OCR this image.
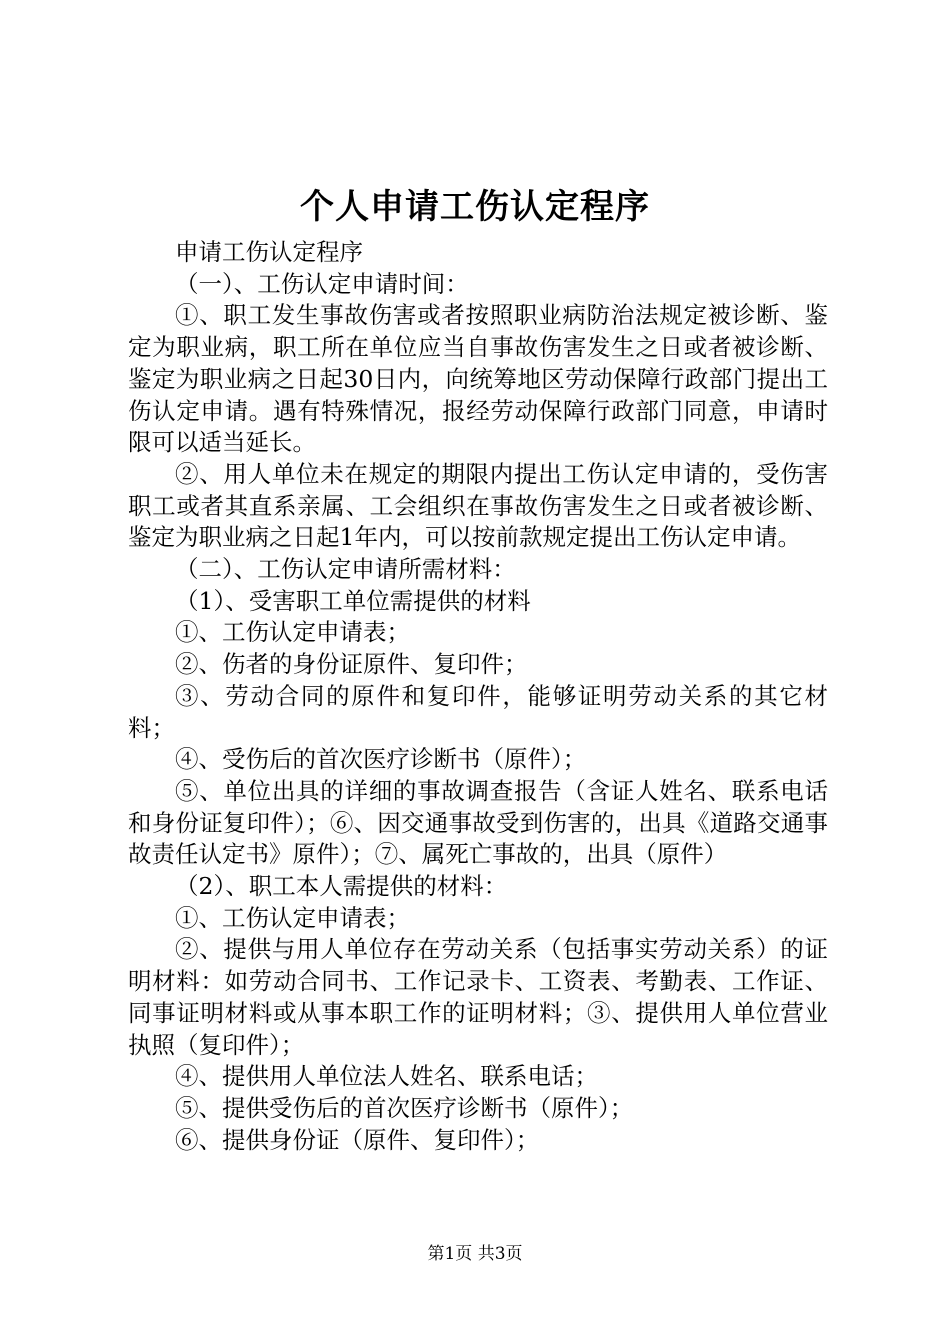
个人申请工伤认定程序

申请工伤认定程序

（一）、工伤认定申请时间：

①、职工发生事故伤害或者按照职业病防治法规定被诊断、鉴定为职业病，职工所在单位应当自事故伤害发生之日或者被诊断、鉴定为职业病之日起30日内，向统筹地区劳动保障行政部门提出工伤认定申请。遇有特殊情况，报经劳动保障行政部门同意，申请时限可以适当延长。

②、用人单位未在规定的期限内提出工伤认定申请的，受伤害职工或者其直系亲属、工会组织在事故伤害发生之日或者被诊断、鉴定为职业病之日起1年内，可以按前款规定提出工伤认定申请。

（二）、工伤认定申请所需材料：

（1）、受害职工单位需提供的材料

①、工伤认定申请表；

②、伤者的身份证原件、复印件；

③、劳动合同的原件和复印件，能够证明劳动关系的其它材料；

④、受伤后的首次医疗诊断书（原件）；

⑤、单位出具的详细的事故调查报告（含证人姓名、联系电话和身份证复印件）；⑥、因交通事故受到伤害的，出具《道路交通事故责任认定书》原件）；⑦、属死亡事故的，出具（原件）

（2）、职工本人需提供的材料：

①、工伤认定申请表；

②、提供与用人单位存在劳动关系（包括事实劳动关系）的证明材料：如劳动合同书、工作记录卡、工资表、考勤表、工作证、同事证明材料或从事本职工作的证明材料；③、提供用人单位营业执照（复印件）；

④、提供用人单位法人姓名、联系电话；

⑤、提供受伤后的首次医疗诊断书（原件）；

⑥、提供身份证（原件、复印件）；

第1页 共3页
